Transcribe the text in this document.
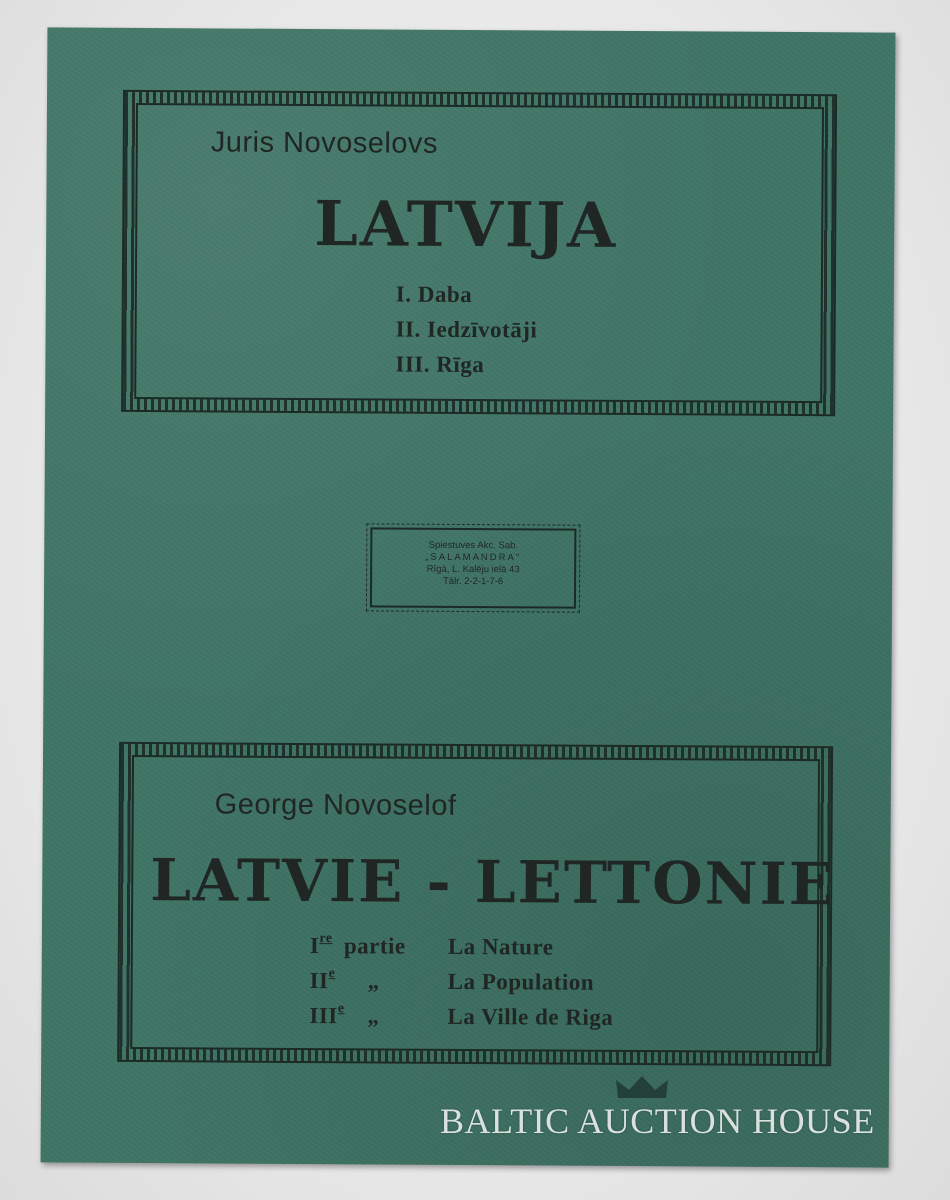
Juris Novoselovs
LATVIJA
I. Daba
II. Iedzīvotāji
III. Rīga
Spiestuves Akc. Sab.
„SALAMANDRA"
Rīgā, L. Kalēju ielā 43
Tālr. 2-2-1-7-6
George Novoselof
LATVIE - LETTONIE
Ire partie La Nature
IIe „	La Population
IIIe „	La Ville de Riga
BALTIC AUCTION HOUSE
